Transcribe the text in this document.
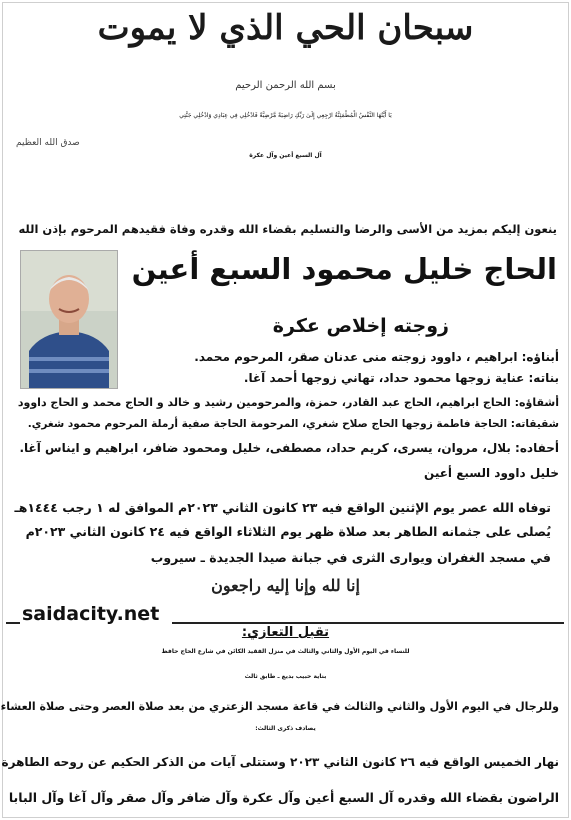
سبحان الحي الذي لا يموت
بسم الله الرحمن الرحيم
يَا أَيَّتُهَا النَّفْسُ الْمُطْمَئِنَّةُ ارْجِعِي إِلَىٰ رَبِّكِ رَاضِيَةً مَّرْضِيَّةً فَادْخُلِي فِي عِبَادِي وَادْخُلِي جَنَّتِي
صدق الله العظيم
آل السبع أعين وآل عكرة
ينعون إليكم بمزيد من الأسى والرضا والتسليم بقضاء الله وقدره وفاة فقيدهم المرحوم بإذن الله
الحاج خليل محمود السبع أعين
زوجته إخلاص عكرة
أبناؤه: ابراهيم ، داوود زوجته منى عدنان صقر، المرحوم محمد.
بناته: عناية زوجها محمود حداد، تهاني زوجها أحمد آغا.
أشقاؤه: الحاج ابراهيم، الحاج عبد القادر، حمزة، والمرحومين رشيد و خالد و الحاج محمد و الحاج داوود
شقيقاته: الحاجة فاطمة زوجها الحاج صلاح شغري، المرحومة الحاجة صفية أرملة المرحوم محمود شغري.
أحفاده: بلال، مروان، يسرى، كريم حداد، مصطفى، خليل ومحمود ضافر، ابراهيم و ايناس آغا.
خليل داوود السبع أعين
توفاه الله عصر يوم الإثنين الواقع فيه ٢٣ كانون الثاني ٢٠٢٣م الموافق له ١ رجب ١٤٤٤هـ
يُصلى على جثمانه الطاهر بعد صلاة ظهر يوم الثلاثاء الواقع فيه ٢٤ كانون الثاني ٢٠٢٣م
في مسجد الغفران ويوارى الثرى في جبانة صيدا الجديدة ـ سيروب
إنا لله وإنا إليه راجعون
saidacity.net
تقبل التعازي:
للنساء في اليوم الأول والثاني والثالث في منزل الفقيد الكائن في شارع الحاج حافظ
بناية حبيب بديع ـ طابق ثالث
وللرجال في اليوم الأول والثاني والثالث في قاعة مسجد الزعتري من بعد صلاة العصر وحتى صلاة العشاء
يصادف ذكرى الثالث:
نهار الخميس الواقع فيه ٢٦ كانون الثاني ٢٠٢٣ وستتلى آيات من الذكر الحكيم عن روحه الطاهرة
الراضون بقضاء الله وقدره آل السبع أعين وآل عكرة وآل ضافر وآل صقر وآل آغا وآل البابا
